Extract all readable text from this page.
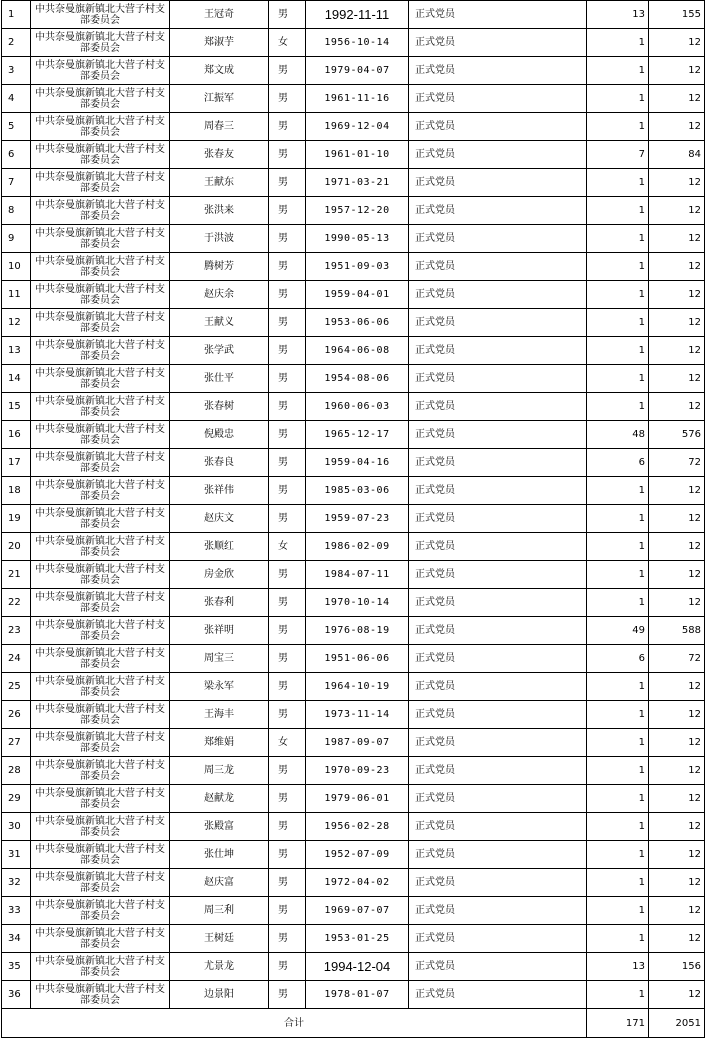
1	中共奈曼旗新镇北大营子村支部委员会	王冠奇	男	1992-11-11	正式党员	13	155
2	中共奈曼旗新镇北大营子村支部委员会	郑淑芋	女	1956-10-14	正式党员	1	12
3	中共奈曼旗新镇北大营子村支部委员会	郑文成	男	1979-04-07	正式党员	1	12
4	中共奈曼旗新镇北大营子村支部委员会	江振军	男	1961-11-16	正式党员	1	12
5	中共奈曼旗新镇北大营子村支部委员会	周春三	男	1969-12-04	正式党员	1	12
6	中共奈曼旗新镇北大营子村支部委员会	张春友	男	1961-01-10	正式党员	7	84
7	中共奈曼旗新镇北大营子村支部委员会	王献东	男	1971-03-21	正式党员	1	12
8	中共奈曼旗新镇北大营子村支部委员会	张洪来	男	1957-12-20	正式党员	1	12
9	中共奈曼旗新镇北大营子村支部委员会	于洪波	男	1990-05-13	正式党员	1	12
10	中共奈曼旗新镇北大营子村支部委员会	腾树芳	男	1951-09-03	正式党员	1	12
11	中共奈曼旗新镇北大营子村支部委员会	赵庆余	男	1959-04-01	正式党员	1	12
12	中共奈曼旗新镇北大营子村支部委员会	王献义	男	1953-06-06	正式党员	1	12
13	中共奈曼旗新镇北大营子村支部委员会	张学武	男	1964-06-08	正式党员	1	12
14	中共奈曼旗新镇北大营子村支部委员会	张仕平	男	1954-08-06	正式党员	1	12
15	中共奈曼旗新镇北大营子村支部委员会	张春树	男	1960-06-03	正式党员	1	12
16	中共奈曼旗新镇北大营子村支部委员会	倪殿忠	男	1965-12-17	正式党员	48	576
17	中共奈曼旗新镇北大营子村支部委员会	张春良	男	1959-04-16	正式党员	6	72
18	中共奈曼旗新镇北大营子村支部委员会	张祥伟	男	1985-03-06	正式党员	1	12
19	中共奈曼旗新镇北大营子村支部委员会	赵庆文	男	1959-07-23	正式党员	1	12
20	中共奈曼旗新镇北大营子村支部委员会	张顺红	女	1986-02-09	正式党员	1	12
21	中共奈曼旗新镇北大营子村支部委员会	房金欣	男	1984-07-11	正式党员	1	12
22	中共奈曼旗新镇北大营子村支部委员会	张春利	男	1970-10-14	正式党员	1	12
23	中共奈曼旗新镇北大营子村支部委员会	张祥明	男	1976-08-19	正式党员	49	588
24	中共奈曼旗新镇北大营子村支部委员会	周宝三	男	1951-06-06	正式党员	6	72
25	中共奈曼旗新镇北大营子村支部委员会	梁永军	男	1964-10-19	正式党员	1	12
26	中共奈曼旗新镇北大营子村支部委员会	王海丰	男	1973-11-14	正式党员	1	12
27	中共奈曼旗新镇北大营子村支部委员会	郑维娟	女	1987-09-07	正式党员	1	12
28	中共奈曼旗新镇北大营子村支部委员会	周三龙	男	1970-09-23	正式党员	1	12
29	中共奈曼旗新镇北大营子村支部委员会	赵献龙	男	1979-06-01	正式党员	1	12
30	中共奈曼旗新镇北大营子村支部委员会	张殿富	男	1956-02-28	正式党员	1	12
31	中共奈曼旗新镇北大营子村支部委员会	张仕坤	男	1952-07-09	正式党员	1	12
32	中共奈曼旗新镇北大营子村支部委员会	赵庆富	男	1972-04-02	正式党员	1	12
33	中共奈曼旗新镇北大营子村支部委员会	周三利	男	1969-07-07	正式党员	1	12
34	中共奈曼旗新镇北大营子村支部委员会	王树廷	男	1953-01-25	正式党员	1	12
35	中共奈曼旗新镇北大营子村支部委员会	尤景龙	男	1994-12-04	正式党员	13	156
36	中共奈曼旗新镇北大营子村支部委员会	边景阳	男	1978-01-07	正式党员	1	12
合计						171	2051
